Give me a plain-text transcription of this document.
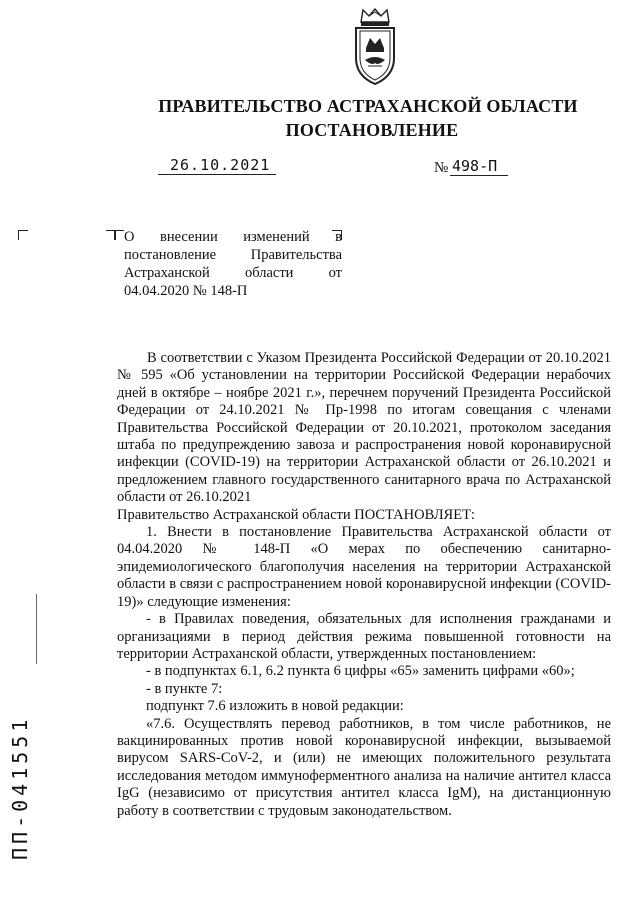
ПРАВИТЕЛЬСТВО АСТРАХАНСКОЙ ОБЛАСТИ
ПОСТАНОВЛЕНИЕ
26.10.2021	№ 498-П
О внесении изменений в постановление Правительства Астраханской области от 04.04.2020 № 148-П

В соответствии с Указом Президента Российской Федерации от 20.10.2021 № 595 «Об установлении на территории Российской Федерации нерабочих дней в октябре – ноябре 2021 г.», перечнем поручений Президента Российской Федерации от 24.10.2021 № Пр-1998 по итогам совещания с членами Правительства Российской Федерации от 20.10.2021, протоколом заседания штаба по предупреждению завоза и распространения новой коронавирусной инфекции (COVID-19) на территории Астраханской области от 26.10.2021 и предложением главного государственного санитарного врача по Астраханской области от 26.10.2021

Правительство Астраханской области ПОСТАНОВЛЯЕТ:

1. Внести в постановление Правительства Астраханской области от 04.04.2020 № 148-П «О мерах по обеспечению санитарно-эпидемиологического благополучия населения на территории Астраханской области в связи с распространением новой коронавирусной инфекции (COVID-19)» следующие изменения:

- в Правилах поведения, обязательных для исполнения гражданами и организациями в период действия режима повышенной готовности на территории Астраханской области, утвержденных постановлением:

- в подпунктах 6.1, 6.2 пункта 6 цифры «65» заменить цифрами «60»;

- в пункте 7:

подпункт 7.6 изложить в новой редакции:

«7.6. Осуществлять перевод работников, в том числе работников, не вакцинированных против новой коронавирусной инфекции, вызываемой вирусом SARS-CoV-2, и (или) не имеющих положительного результата исследования методом иммуноферментного анализа на наличие антител класса IgG (независимо от присутствия антител класса IgM), на дистанционную работу в соответствии с трудовым законодательством.

ПП-041551
